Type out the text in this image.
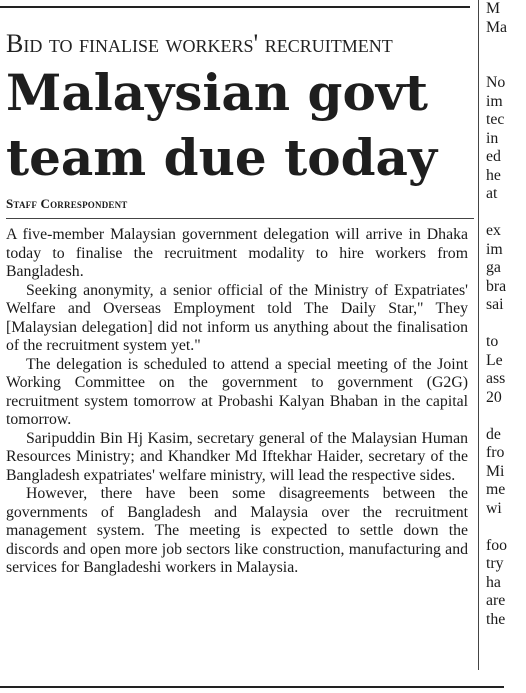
Bid to finalise workers' recruitment

Malaysian govt
team due today
Staff Correspondent

A five-member Malaysian government delegation will arrive in Dhaka today to finalise the recruitment modality to hire workers from Bangladesh.

Seeking anonymity, a senior official of the Ministry of Expatriates' Welfare and Overseas Employment told The Daily Star," They [Malaysian delegation] did not inform us anything about the finalisation of the recruitment system yet."

The delegation is scheduled to attend a special meeting of the Joint Working Committee on the government to government (G2G) recruitment system tomorrow at Probashi Kalyan Bhaban in the capital tomorrow.

Saripuddin Bin Hj Kasim, secretary general of the Malaysian Human Resources Ministry; and Khandker Md Iftekhar Haider, secretary of the Bangladesh expatriates' welfare ministry, will lead the respective sides.

However, there have been some disagreements between the governments of Bangladesh and Malaysia over the recruitment management system. The meeting is expected to settle down the discords and open more job sectors like construction, manufacturing and services for Bangladeshi workers in Malaysia.

M
Ma
No
im
tec
in
ed
he
at
ex
im
ga
bra
sai
to
Le
ass
20
de
fro
Mi
me
wi
foo
try
ha
are
the
